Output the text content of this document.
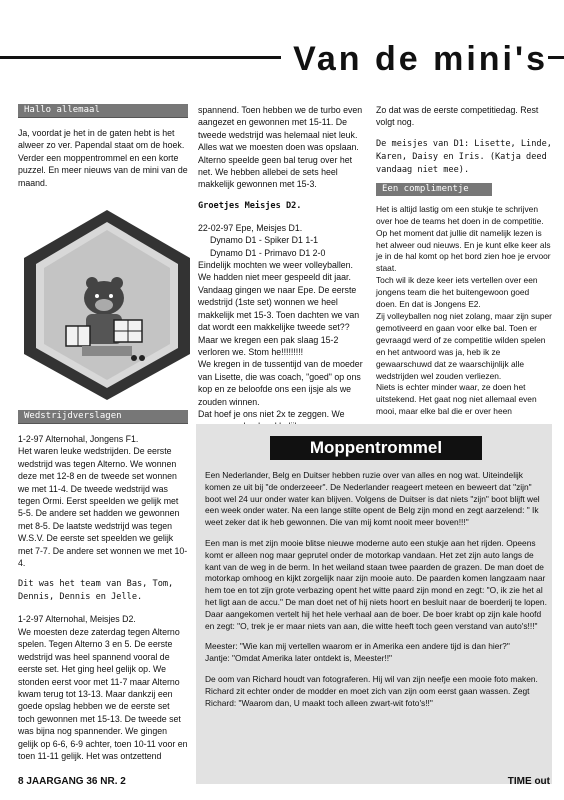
Van de mini's
Hallo allemaal
Ja, voordat je het in de gaten hebt is het alweer zo ver. Papendal staat om de hoek. Verder een moppentrommel en een korte puzzel. En meer nieuws van de mini van de maand.
Wedstrijdverslagen
1-2-97 Alternohal, Jongens F1.
Het waren leuke wedstrijden. De eerste wedstrijd was tegen Alterno. We wonnen deze met 12-8 en de tweede set wonnen we met 11-4. De tweede wedstrijd was tegen Ormi. Eerst speelden we gelijk met 5-5. De andere set hadden we gewonnen met 8-5. De laatste wedstrijd was tegen W.S.V. De eerste set speelden we gelijk met 7-7. De andere set wonnen we met 10-4.
Dit was het team van Bas, Tom, Dennis, Dennis en Jelle.
1-2-97 Alternohal, Meisjes D2.
We moesten deze zaterdag tegen Alterno spelen. Tegen Alterno 3 en 5. De eerste wedstrijd was heel spannend vooral de eerste set. Het ging heel gelijk op. We stonden eerst voor met 11-7 maar Alterno kwam terug tot 13-13. Maar dankzij een goede opslag hebben we de eerste set toch gewonnen met 15-13. De tweede set was bijna nog spannender. We gingen gelijk op 6-6, 6-9 achter, toen 10-11 voor en toen 11-11 gelijk. Het was ontzettend
spannend. Toen hebben we de turbo even aangezet en gewonnen met 15-11. De tweede wedstrijd was helemaal niet leuk. Alles wat we moesten doen was opslaan. Alterno speelde geen bal terug over het net. We hebben allebei de sets heel makkelijk gewonnen met 15-3.
Groetjes Meisjes D2.
22-02-97 Epe, Meisjes D1.
Dynamo D1 - Spiker D1 1-1
Dynamo D1 - Primavo D1 2-0
Eindelijk mochten we weer volleyballen. We hadden niet meer gespeeld dit jaar. Vandaag gingen we naar Epe. De eerste wedstrijd (1ste set) wonnen we heel makkelijk met 15-3. Toen dachten we van dat wordt een makkelijke tweede set?? Maar we kregen een pak slaag 15-2 verloren we. Stom he!!!!!!!!!
We kregen in de tussentijd van de moeder van Lisette, die was coach, "goed" op ons kop en ze beloofde ons een ijsje als we zouden winnen.
Dat hoef je ons niet 2x te zeggen. We
Zo dat was de eerste competitiedag. Rest volgt nog.
De meisjes van D1: Lisette, Linde, Karen, Daisy en Iris. (Katja deed vandaag niet mee).
Een complimentje
Het is altijd lastig om een stukje te schrijven over hoe de teams het doen in de competitie. Op het moment dat jullie dit namelijk lezen is het alweer oud nieuws. En je kunt elke keer als je in de hal komt op het bord zien hoe je ervoor staat.
Toch wil ik deze keer iets vertellen over een jongens team die het buitengewoon goed doen. En dat is Jongens E2.
Zij volleyballen nog niet zolang, maar zijn super gemotiveerd en gaan voor elke bal. Toen er gevraagd werd of ze competitie wilden spelen en het antwoord was ja, heb ik ze gewaarschuwd dat ze waarschijnlijk alle wedstrijden wel zouden verliezen.
Niets is echter minder waar, ze doen het uitstekend. Het gaat nog niet allemaal even mooi, maar elke bal die er over heen
Moppentrommel

Een Nederlander, Belg en Duitser hebben ruzie over van alles en nog wat. Uiteindelijk komen ze uit bij "de onderzeeer". De Nederlander reageert meteen en beweert dat "zijn" boot wel 24 uur onder water kan blijven. Volgens de Duitser is dat niets "zijn" boot blijft wel een week onder water. Na een lange stilte opent de Belg zijn mond en zegt aarzelend: " Ik weet zeker dat ik heb gewonnen. Die van mij komt nooit meer boven!!!"

Een man is met zijn mooie blitse nieuwe moderne auto een stukje aan het rijden. Opeens komt er alleen nog maar geprutel onder de motorkap vandaan. Het zet zijn auto langs de kant van de weg in de berm. In het weiland staan twee paarden de grazen. De man doet de motorkap omhoog en kijkt zorgelijk naar zijn mooie auto. De paarden komen langzaam naar hem toe en tot zijn grote verbazing opent het witte paard zijn mond en zegt: "O, ik zie het al het ligt aan de accu." De man doet net of hij niets hoort en besluit naar de boerderij te lopen. Daar aangekomen vertelt hij het hele verhaal aan de boer. De boer krabt op zijn kale hoofd en zegt: "O, trek je er maar niets van aan, die witte heeft toch geen verstand van auto's!!!"

Meester: "Wie kan mij vertellen waarom er in Amerika een andere tijd is dan hier?"
Jantje: "Omdat Amerika later ontdekt is, Meester!!"

De oom van Richard houdt van fotograferen. Hij wil van zijn neefje een mooie foto maken. Richard zit echter onder de modder en moet zich van zijn oom eerst gaan wassen. Zegt Richard: "Waarom dan, U maakt toch alleen zwart-wit foto's!!"

8 JAARGANG 36 NR. 2	TIME out
